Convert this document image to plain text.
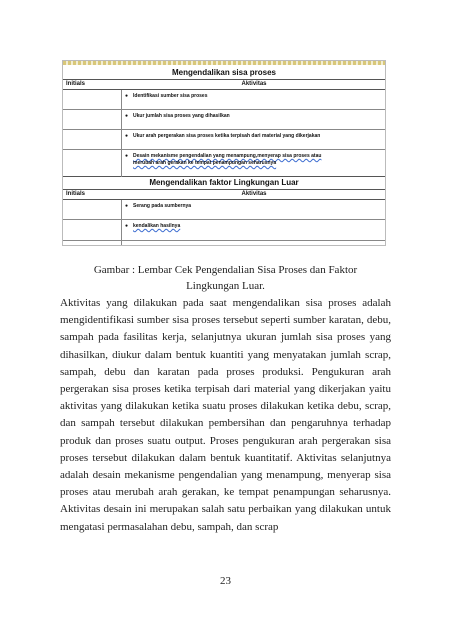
Mengendalikan sisa proses
Initials	Aktivitas
● Identifikasi sumber sisa proses
● Ukur jumlah sisa proses yang dihasilkan
● Ukur arah pergerakan sisa proses ketika terpisah dari material yang dikerjakan
● Desain mekanisme pengendalian yang menampung,menyerap sisa proses atau
merubah arah gerakan ke tempat penampungan seharusnya
Mengendalikan faktor Lingkungan Luar
Initials	Aktivitas
● Serang pada sumbernya
● kendalikan hasilnya
Gambar : Lembar Cek Pengendalian Sisa Proses dan Faktor
Lingkungan Luar.
Aktivitas yang dilakukan pada saat mengendalikan sisa proses adalah mengidentifikasi sumber sisa proses tersebut seperti sumber karatan, debu, sampah pada fasilitas kerja, selanjutnya ukuran jumlah sisa proses yang dihasilkan, diukur dalam bentuk kuantiti yang menyatakan jumlah scrap, sampah, debu dan karatan pada proses produksi. Pengukuran arah pergerakan sisa proses ketika terpisah dari material yang dikerjakan yaitu aktivitas yang dilakukan ketika suatu proses dilakukan ketika debu, scrap, dan sampah tersebut dilakukan pembersihan dan pengaruhnya terhadap produk dan proses suatu output. Proses pengukuran arah pergerakan sisa proses tersebut dilakukan dalam bentuk kuantitatif. Aktivitas selanjutnya adalah desain mekanisme pengendalian yang menampung, menyerap sisa proses atau merubah arah gerakan, ke tempat penampungan seharusnya. Aktivitas desain ini merupakan salah satu perbaikan yang dilakukan untuk mengatasi permasalahan debu, sampah, dan scrap
23
